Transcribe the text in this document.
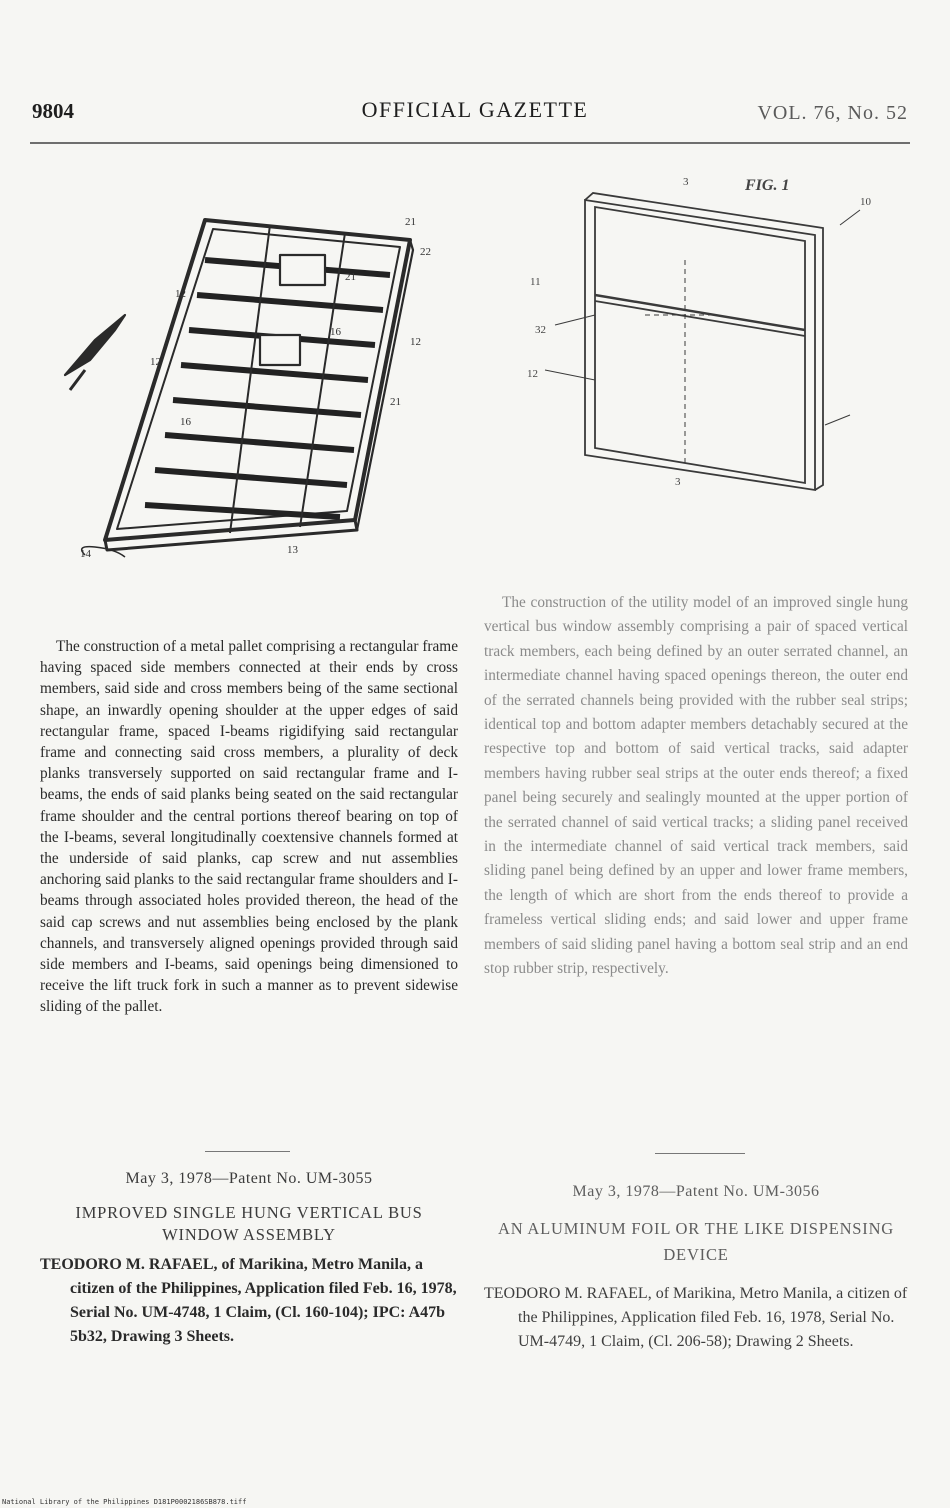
9804	OFFICIAL GAZETTE	VOL. 76, No. 52
12
21
21
22
16
12
21
12
16
13
14
FIG. 1
3
10
11
32
12
3

The construction of a metal pallet comprising a rectangular frame having spaced side members connected at their ends by cross members, said side and cross members being of the same sectional shape, an inwardly opening shoulder at the upper edges of said rectangular frame, spaced I-beams rigidifying said rectangular frame and connecting said cross members, a plurality of deck planks transversely supported on said rectangular frame and I-beams, the ends of said planks being seated on the said rectangular frame shoulder and the central portions thereof bearing on top of the I-beams, several longitudinally coextensive channels formed at the underside of said planks, cap screw and nut assemblies anchoring said planks to the said rectangular frame shoulders and I-beams through associated holes provided thereon, the head of the said cap screws and nut assemblies being enclosed by the plank channels, and transversely aligned openings provided through said side members and I-beams, said openings being dimensioned to receive the lift truck fork in such a manner as to prevent sidewise sliding of the pallet.

The construction of the utility model of an improved single hung vertical bus window assembly comprising a pair of spaced vertical track members, each being defined by an outer serrated channel, an intermediate channel having spaced openings thereon, the outer end of the serrated channels being provided with the rubber seal strips; identical top and bottom adapter members detachably secured at the respective top and bottom of said vertical tracks, said adapter members having rubber seal strips at the outer ends thereof; a fixed panel being securely and sealingly mounted at the upper portion of the serrated channel of said vertical tracks; a sliding panel received in the intermediate channel of said vertical track members, said sliding panel being defined by an upper and lower frame members, the length of which are short from the ends thereof to provide a frameless vertical sliding ends; and said lower and upper frame members of said sliding panel having a bottom seal strip and an end stop rubber strip, respectively.

May 3, 1978—Patent No. UM-3055
IMPROVED SINGLE HUNG VERTICAL BUS WINDOW ASSEMBLY

TEODORO M. RAFAEL, of Marikina, Metro Manila, a citizen of the Philippines, Application filed Feb. 16, 1978, Serial No. UM-4748, 1 Claim, (Cl. 160-104); IPC: A47b 5b32, Drawing 3 Sheets.

May 3, 1978—Patent No. UM-3056
AN ALUMINUM FOIL OR THE LIKE DISPENSING DEVICE

TEODORO M. RAFAEL, of Marikina, Metro Manila, a citizen of the Philippines, Application filed Feb. 16, 1978, Serial No. UM-4749, 1 Claim, (Cl. 206-58); Drawing 2 Sheets.

National Library of the Philippines D181P0002186SB878.tiff
